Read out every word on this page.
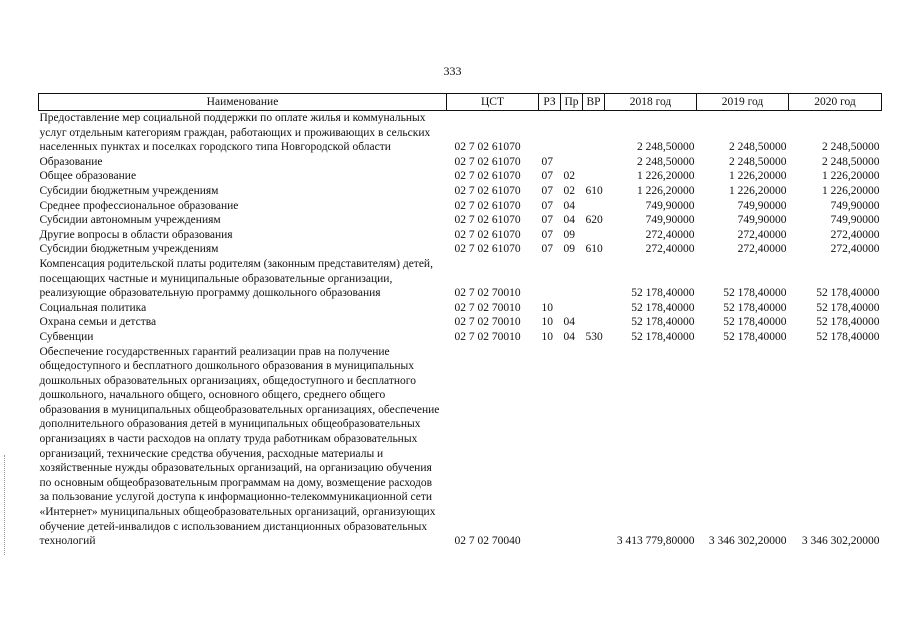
333
Наименование	ЦСТ	РЗ	Пр	ВР	2018 год	2019 год	2020 год
Предоставление мер социальной поддержки по оплате жилья и коммунальных услуг отдельным категориям граждан, работающих и проживающих в сельских населенных пунктах и поселках городского типа Новгородской области	02 7 02 61070				2 248,50000	2 248,50000	2 248,50000
Образование	02 7 02 61070	07			2 248,50000	2 248,50000	2 248,50000
Общее образование	02 7 02 61070	07	02		1 226,20000	1 226,20000	1 226,20000
Субсидии бюджетным учреждениям	02 7 02 61070	07	02	610	1 226,20000	1 226,20000	1 226,20000
Среднее профессиональное образование	02 7 02 61070	07	04		749,90000	749,90000	749,90000
Субсидии автономным учреждениям	02 7 02 61070	07	04	620	749,90000	749,90000	749,90000
Другие вопросы в области образования	02 7 02 61070	07	09		272,40000	272,40000	272,40000
Субсидии бюджетным учреждениям	02 7 02 61070	07	09	610	272,40000	272,40000	272,40000
Компенсация родительской платы родителям (законным представителям) детей, посещающих частные и муниципальные образовательные организации, реализующие образовательную программу дошкольного образования	02 7 02 70010				52 178,40000	52 178,40000	52 178,40000
Социальная политика	02 7 02 70010	10			52 178,40000	52 178,40000	52 178,40000
Охрана семьи и детства	02 7 02 70010	10	04		52 178,40000	52 178,40000	52 178,40000
Субвенции	02 7 02 70010	10	04	530	52 178,40000	52 178,40000	52 178,40000
Обеспечение государственных гарантий реализации прав на получение общедоступного и бесплатного дошкольного образования в муниципальных дошкольных образовательных организациях, общедоступного и бесплатного дошкольного, начального общего, основного общего, среднего общего образования в муниципальных общеобразовательных организациях, обеспечение дополнительного образования детей в муниципальных общеобразовательных организациях в части расходов на оплату труда работникам образовательных организаций, технические средства обучения, расходные материалы и хозяйственные нужды образовательных организаций, на организацию обучения по основным общеобразовательным программам на дому, возмещение расходов за пользование услугой доступа к информационно-телекоммуникационной сети «Интернет» муниципальных общеобразовательных организаций, организующих обучение детей-инвалидов с использованием дистанционных образовательных технологий	02 7 02 70040				3 413 779,80000	3 346 302,20000	3 346 302,20000
